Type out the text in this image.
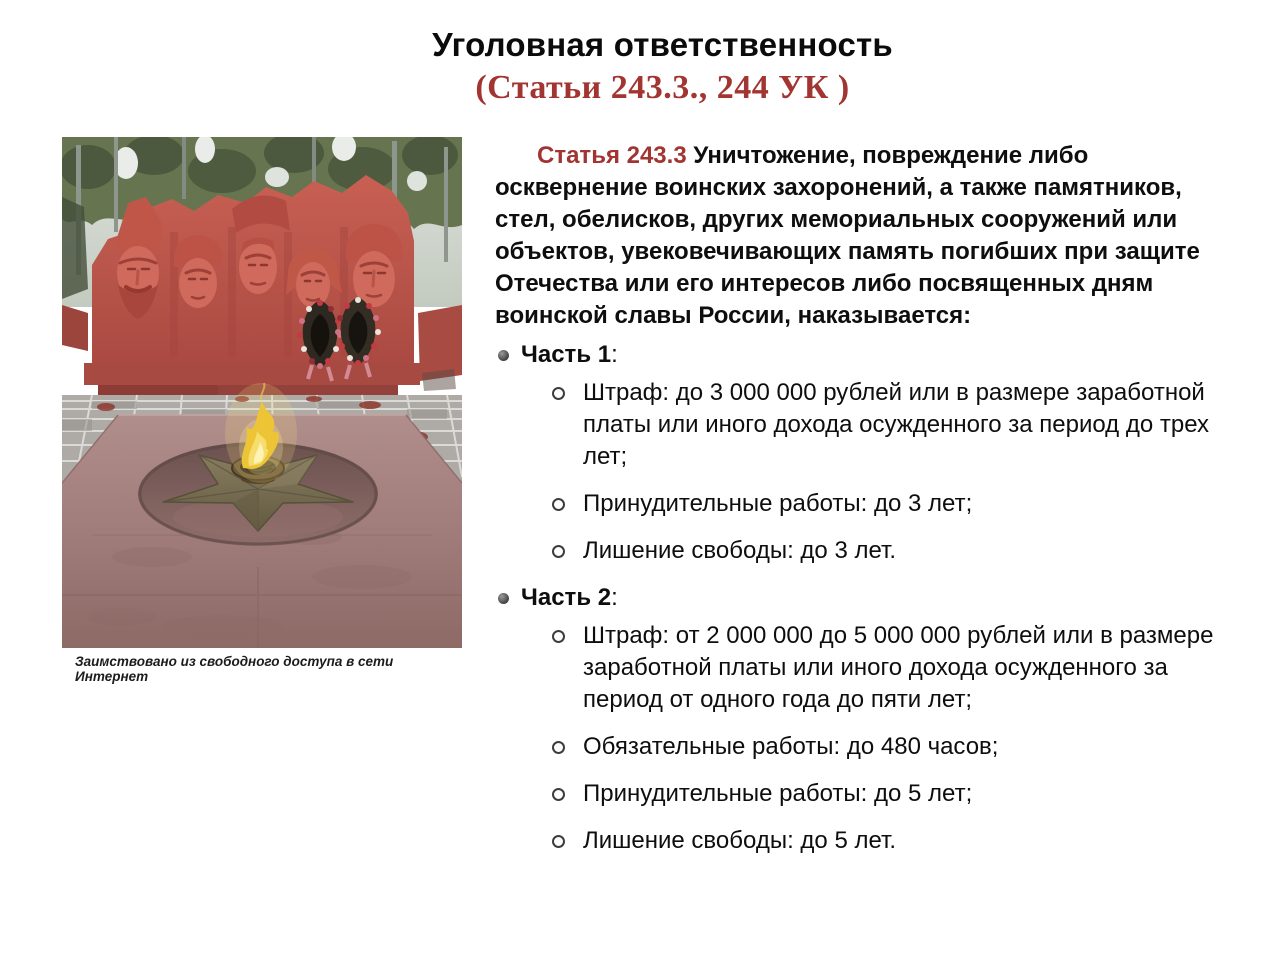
Уголовная ответственность
(Статьи 243.3., 244 УК )
Заимствовано из свободного доступа в сети Интернет

Статья 243.3 Уничтожение, повреждение либо осквернение воинских захоронений, а также памятников, стел, обелисков, других мемориальных сооружений или объектов, увековечивающих память погибших при защите Отечества или его интересов либо посвященных дням воинской славы России, наказывается:

Часть 1:
Штраф: до 3 000 000 рублей или в размере заработной платы или иного дохода осужденного за период до трех лет;
Принудительные работы: до 3 лет;
Лишение свободы: до 3 лет.
Часть 2:
Штраф: от 2 000 000 до 5 000 000 рублей или в размере заработной платы или иного дохода осужденного за период от одного года до пяти лет;
Обязательные работы: до 480 часов;
Принудительные работы: до 5 лет;
Лишение свободы: до 5 лет.
